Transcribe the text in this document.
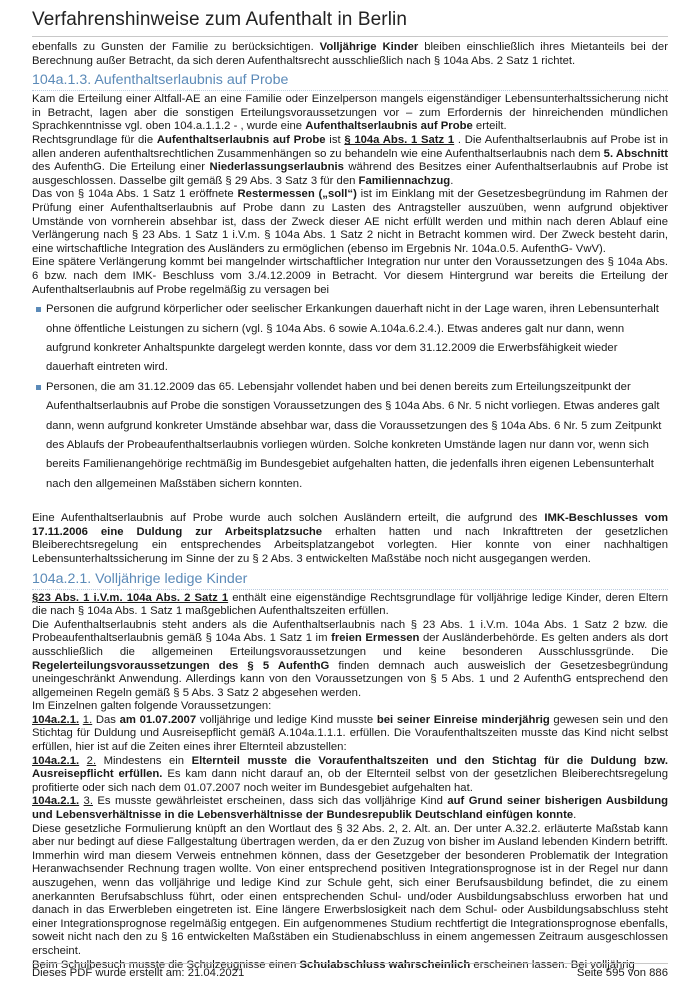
Verfahrenshinweise zum Aufenthalt in Berlin

ebenfalls zu Gunsten der Familie zu berücksichtigen. Volljährige Kinder bleiben einschließlich ihres Mietanteils bei der Berechnung außer Betracht, da sich deren Aufenthaltsrecht ausschließlich nach § 104a Abs. 2 Satz 1 richtet.

104a.1.3. Aufenthaltserlaubnis auf Probe

Kam die Erteilung einer Altfall-AE an eine Familie oder Einzelperson mangels eigenständiger Lebensunterhaltssicherung nicht in Betracht, lagen aber die sonstigen Erteilungsvoraussetzungen vor – zum Erfordernis der hinreichenden mündlichen Sprachkenntnisse vgl. oben 104.a.1.1.2 - , wurde eine Aufenthaltserlaubnis auf Probe erteilt.

Rechtsgrundlage für die Aufenthaltserlaubnis auf Probe ist § 104a Abs. 1 Satz 1 . Die Aufenthaltserlaubnis auf Probe ist in allen anderen aufenthaltsrechtlichen Zusammenhängen so zu behandeln wie eine Aufenthaltserlaubnis nach dem 5. Abschnitt des AufenthG. Die Erteilung einer Niederlassungserlaubnis während des Besitzes einer Aufenthaltserlaubnis auf Probe ist ausgeschlossen. Dasselbe gilt gemäß § 29 Abs. 3 Satz 3 für den Familiennachzug.

Das von § 104a Abs. 1 Satz 1 eröffnete Restermessen („soll“) ist im Einklang mit der Gesetzesbegründung im Rahmen der Prüfung einer Aufenthaltserlaubnis auf Probe dann zu Lasten des Antragsteller auszuüben, wenn aufgrund objektiver Umstände von vornherein absehbar ist, dass der Zweck dieser AE nicht erfüllt werden und mithin nach deren Ablauf eine Verlängerung nach § 23 Abs. 1 Satz 1 i.V.m. § 104a Abs. 1 Satz 2 nicht in Betracht kommen wird. Der Zweck besteht darin, eine wirtschaftliche Integration des Ausländers zu ermöglichen (ebenso im Ergebnis Nr. 104a.0.5. AufenthG- VwV).

Eine spätere Verlängerung kommt bei mangelnder wirtschaftlicher Integration nur unter den Voraussetzungen des § 104a Abs. 6 bzw. nach dem IMK- Beschluss vom 3./4.12.2009 in Betracht. Vor diesem Hintergrund war bereits die Erteilung der Aufenthaltserlaubnis auf Probe regelmäßig zu versagen bei

Personen die aufgrund körperlicher oder seelischer Erkankungen dauerhaft nicht in der Lage waren, ihren Lebensunterhalt ohne öffentliche Leistungen zu sichern (vgl. § 104a Abs. 6 sowie A.104a.6.2.4.). Etwas anderes galt nur dann, wenn aufgrund konkreter Anhaltspunkte dargelegt werden konnte, dass vor dem 31.12.2009 die Erwerbsfähigkeit wieder dauerhaft eintreten wird.
Personen, die am 31.12.2009 das 65. Lebensjahr vollendet haben und bei denen bereits zum Erteilungszeitpunkt der Aufenthaltserlaubnis auf Probe die sonstigen Voraussetzungen des § 104a Abs. 6 Nr. 5 nicht vorliegen. Etwas anderes galt dann, wenn aufgrund konkreter Umstände absehbar war, dass die Voraussetzungen des § 104a Abs. 6 Nr. 5 zum Zeitpunkt des Ablaufs der Probeaufenthaltserlaubnis vorliegen würden. Solche konkreten Umstände lagen nur dann vor, wenn sich bereits Familienangehörige rechtmäßig im Bundesgebiet aufgehalten hatten, die jedenfalls ihren eigenen Lebensunterhalt nach den allgemeinen Maßstäben sichern konnten.

Eine Aufenthaltserlaubnis auf Probe wurde auch solchen Ausländern erteilt, die aufgrund des IMK-Beschlusses vom 17.11.2006 eine Duldung zur Arbeitsplatzsuche erhalten hatten und nach Inkrafttreten der gesetzlichen Bleiberechtsregelung ein entsprechendes Arbeitsplatzangebot vorlegten. Hier konnte von einer nachhaltigen Lebensunterhaltssicherung im Sinne der zu § 2 Abs. 3 entwickelten Maßstäbe noch nicht ausgegangen werden.

104a.2.1. Volljährige ledige Kinder

§23 Abs. 1 i.V.m. 104a Abs. 2 Satz 1 enthält eine eigenständige Rechtsgrundlage für volljährige ledige Kinder, deren Eltern die nach § 104a Abs. 1 Satz 1 maßgeblichen Aufenthaltszeiten erfüllen.

Die Aufenthaltserlaubnis steht anders als die Aufenthaltserlaubnis nach § 23 Abs. 1 i.V.m. 104a Abs. 1 Satz 2 bzw. die Probeaufenthaltserlaubnis gemäß § 104a Abs. 1 Satz 1 im freien Ermessen der Ausländerbehörde. Es gelten anders als dort ausschließlich die allgemeinen Erteilungsvoraussetzungen und keine besonderen Ausschlussgründe. Die Regelerteilungsvoraussetzungen des § 5 AufenthG finden demnach auch ausweislich der Gesetzesbegründung uneingeschränkt Anwendung. Allerdings kann von den Voraussetzungen von § 5 Abs. 1 und 2 AufenthG entsprechend den allgemeinen Regeln gemäß § 5 Abs. 3 Satz 2 abgesehen werden.

Im Einzelnen galten folgende Voraussetzungen:

104a.2.1. 1. Das am 01.07.2007 volljährige und ledige Kind musste bei seiner Einreise minderjährig gewesen sein und den Stichtag für Duldung und Ausreisepflicht gemäß A.104a.1.1.1. erfüllen. Die Voraufenthaltszeiten musste das Kind nicht selbst erfüllen, hier ist auf die Zeiten eines ihrer Elternteil abzustellen:

104a.2.1. 2. Mindestens ein Elternteil musste die Voraufenthaltszeiten und den Stichtag für die Duldung bzw. Ausreisepflicht erfüllen. Es kam dann nicht darauf an, ob der Elternteil selbst von der gesetzlichen Bleiberechtsregelung profitierte oder sich nach dem 01.07.2007 noch weiter im Bundesgebiet aufgehalten hat.

104a.2.1. 3. Es musste gewährleistet erscheinen, dass sich das volljährige Kind auf Grund seiner bisherigen Ausbildung und Lebensverhältnisse in die Lebensverhältnisse der Bundesrepublik Deutschland einfügen konnte.

Diese gesetzliche Formulierung knüpft an den Wortlaut des § 32 Abs. 2, 2. Alt. an. Der unter A.32.2. erläuterte Maßstab kann aber nur bedingt auf diese Fallgestaltung übertragen werden, da er den Zuzug von bisher im Ausland lebenden Kindern betrifft. Immerhin wird man diesem Verweis entnehmen können, dass der Gesetzgeber der besonderen Problematik der Integration Heranwachsender Rechnung tragen wollte. Von einer entsprechend positiven Integrationsprognose ist in der Regel nur dann auszugehen, wenn das volljährige und ledige Kind zur Schule geht, sich einer Berufsausbildung befindet, die zu einem anerkannten Berufsabschluss führt, oder einen entsprechenden Schul- und/oder Ausbildungsabschluss erworben hat und danach in das Erwerbleben eingetreten ist. Eine längere Erwerbslosigkeit nach dem Schul- oder Ausbildungsabschluss steht einer Integrationsprognose regelmäßig entgegen. Ein aufgenommenes Studium rechtfertigt die Integrationsprognose ebenfalls, soweit nicht nach den zu § 16 entwickelten Maßstäben ein Studienabschluss in einem angemessen Zeitraum ausgeschlossen erscheint.

Beim Schulbesuch musste die Schulzeugnisse einen Schulabschluss wahrscheinlich erscheinen lassen. Bei volljährig

Dieses PDF wurde erstellt am: 21.04.2021	Seite 595 von 886
